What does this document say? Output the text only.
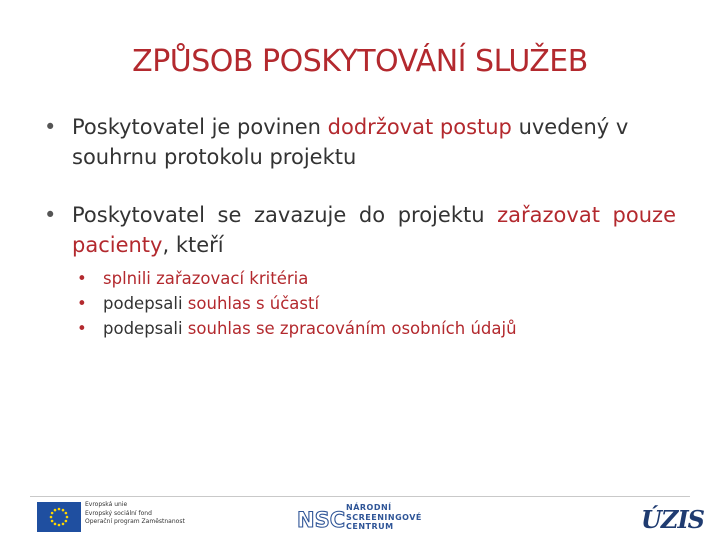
ZPŮSOB POSKYTOVÁNÍ SLUŽEB
• Poskytovatel je povinen dodržovat postup uvedený v souhrnu protokolu projektu
• Poskytovatel se zavazuje do projektu zařazovat pouze pacienty, kteří
• splnili zařazovací kritéria
• podepsali souhlas s účastí
• podepsali souhlas se zpracováním osobních údajů
Evropská unie
Evropský sociální fond
Operační program Zaměstnanost	NSC
NÁRODNÍ
SCREENINGOVÉ
CENTRUM	ÚZIS
